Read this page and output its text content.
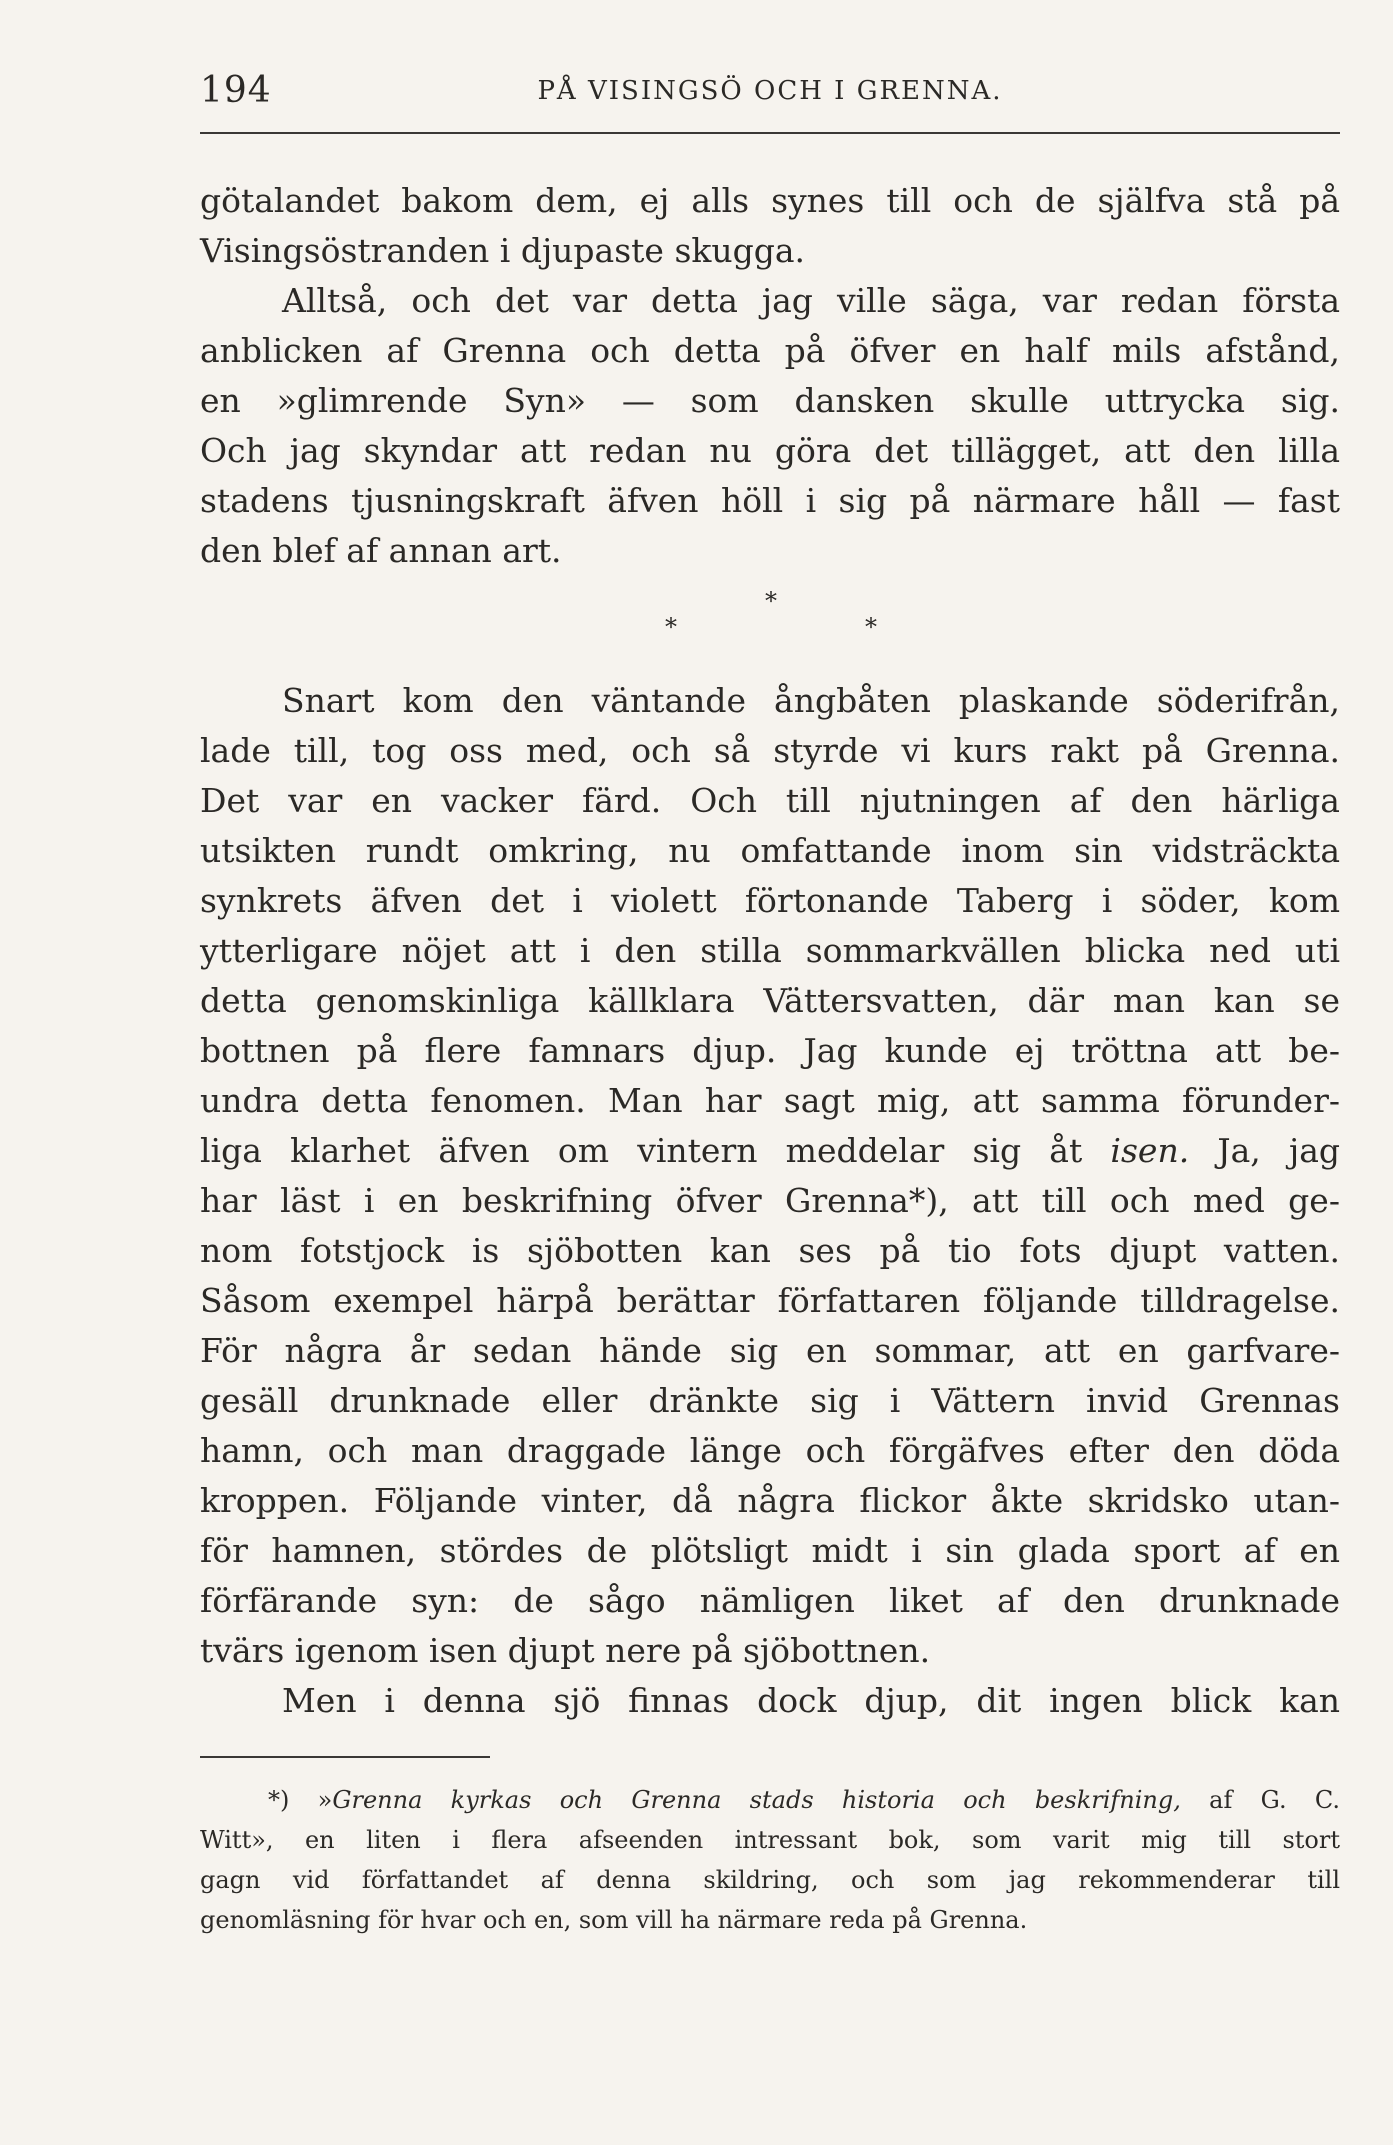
194	PÅ VISINGSÖ OCH I GRENNA.
götalandet bakom dem, ej alls synes till och de själfva stå på
Visingsöstranden i djupaste skugga.
Alltså, och det var detta jag ville säga, var redan första
anblicken af Grenna och detta på öfver en half mils afstånd,
en »glimrende Syn» — som dansken skulle uttrycka sig.
Och jag skyndar att redan nu göra det tillägget, att den lilla
stadens tjusningskraft äfven höll i sig på närmare håll — fast
den blef af annan art.
*
*	*
Snart kom den väntande ångbåten plaskande söderifrån,
lade till, tog oss med, och så styrde vi kurs rakt på Grenna.
Det var en vacker färd. Och till njutningen af den härliga
utsikten rundt omkring, nu omfattande inom sin vidsträckta
synkrets äfven det i violett förtonande Taberg i söder, kom
ytterligare nöjet att i den stilla sommarkvällen blicka ned uti
detta genomskinliga källklara Vättersvatten, där man kan se
bottnen på flere famnars djup. Jag kunde ej tröttna att be-
undra detta fenomen. Man har sagt mig, att samma förunder-
liga klarhet äfven om vintern meddelar sig åt isen. Ja, jag
har läst i en beskrifning öfver Grenna*), att till och med ge-
nom fotstjock is sjöbotten kan ses på tio fots djupt vatten.
Såsom exempel härpå berättar författaren följande tilldragelse.
För några år sedan hände sig en sommar, att en garfvare-
gesäll drunknade eller dränkte sig i Vättern invid Grennas
hamn, och man draggade länge och förgäfves efter den döda
kroppen. Följande vinter, då några flickor åkte skridsko utan-
för hamnen, stördes de plötsligt midt i sin glada sport af en
förfärande syn: de sågo nämligen liket af den drunknade
tvärs igenom isen djupt nere på sjöbottnen.
Men i denna sjö finnas dock djup, dit ingen blick kan
*) »Grenna kyrkas och Grenna stads historia och beskrifning, af G. C.
Witt», en liten i flera afseenden intressant bok, som varit mig till stort
gagn vid författandet af denna skildring, och som jag rekommenderar till
genomläsning för hvar och en, som vill ha närmare reda på Grenna.
